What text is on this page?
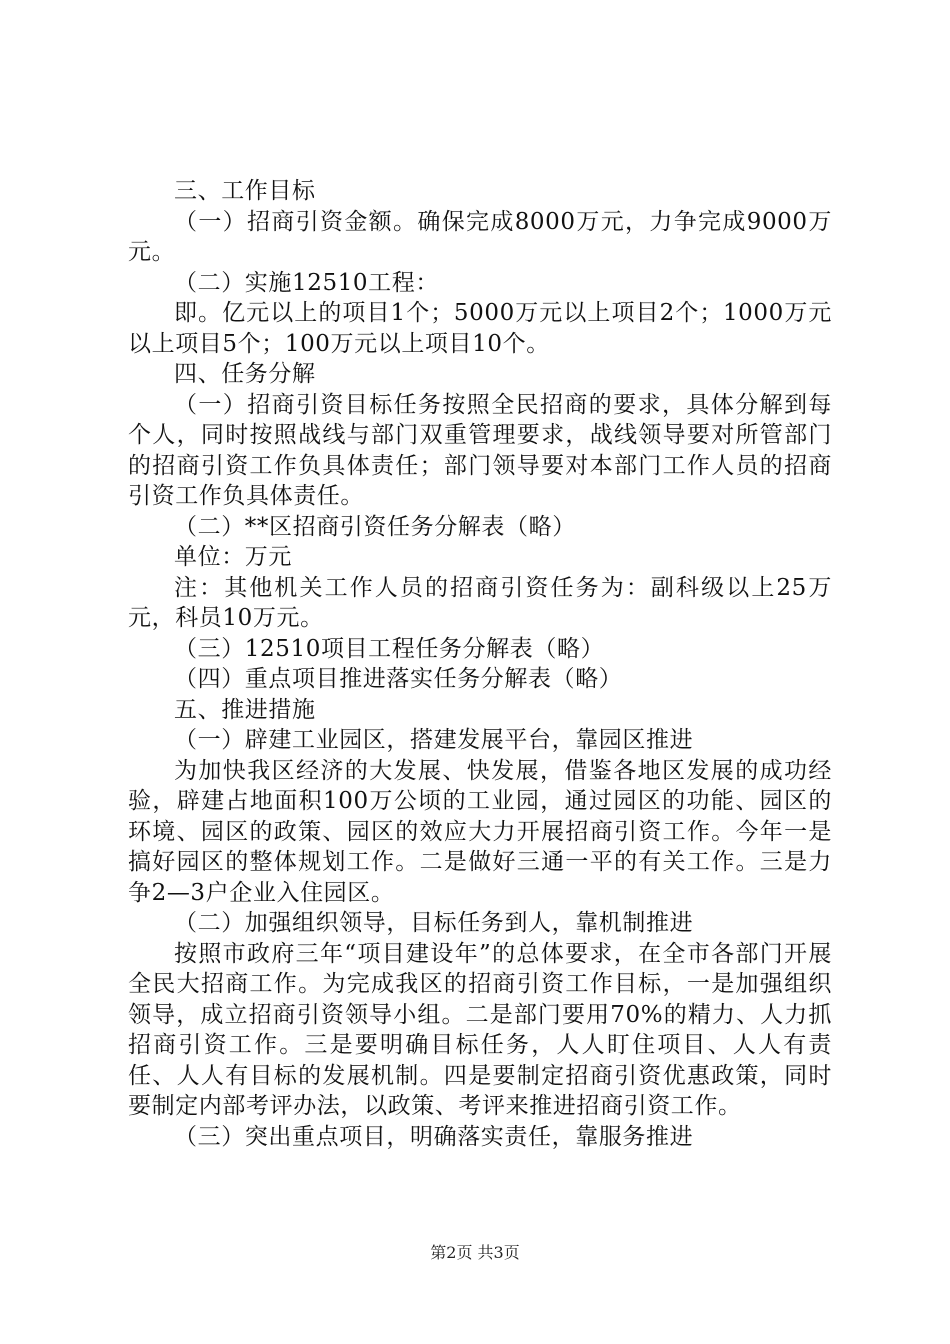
三、工作目标

（一）招商引资金额。确保完成8000万元，力争完成9000万元。

（二）实施12510工程：

即。亿元以上的项目1个；5000万元以上项目2个；1000万元以上项目5个；100万元以上项目10个。

四、任务分解

（一）招商引资目标任务按照全民招商的要求，具体分解到每个人，同时按照战线与部门双重管理要求，战线领导要对所管部门的招商引资工作负具体责任；部门领导要对本部门工作人员的招商引资工作负具体责任。

（二）**区招商引资任务分解表（略）

单位：万元

注：其他机关工作人员的招商引资任务为：副科级以上25万元，科员10万元。

（三）12510项目工程任务分解表（略）

（四）重点项目推进落实任务分解表（略）

五、推进措施

（一）辟建工业园区，搭建发展平台，靠园区推进

为加快我区经济的大发展、快发展，借鉴各地区发展的成功经验，辟建占地面积100万公顷的工业园，通过园区的功能、园区的环境、园区的政策、园区的效应大力开展招商引资工作。今年一是搞好园区的整体规划工作。二是做好三通一平的有关工作。三是力争2—3户企业入住园区。

（二）加强组织领导，目标任务到人，靠机制推进

按照市政府三年“项目建设年”的总体要求，在全市各部门开展全民大招商工作。为完成我区的招商引资工作目标，一是加强组织领导，成立招商引资领导小组。二是部门要用70%的精力、人力抓招商引资工作。三是要明确目标任务，人人盯住项目、人人有责任、人人有目标的发展机制。四是要制定招商引资优惠政策，同时要制定内部考评办法，以政策、考评来推进招商引资工作。

（三）突出重点项目，明确落实责任，靠服务推进

第2页 共3页
